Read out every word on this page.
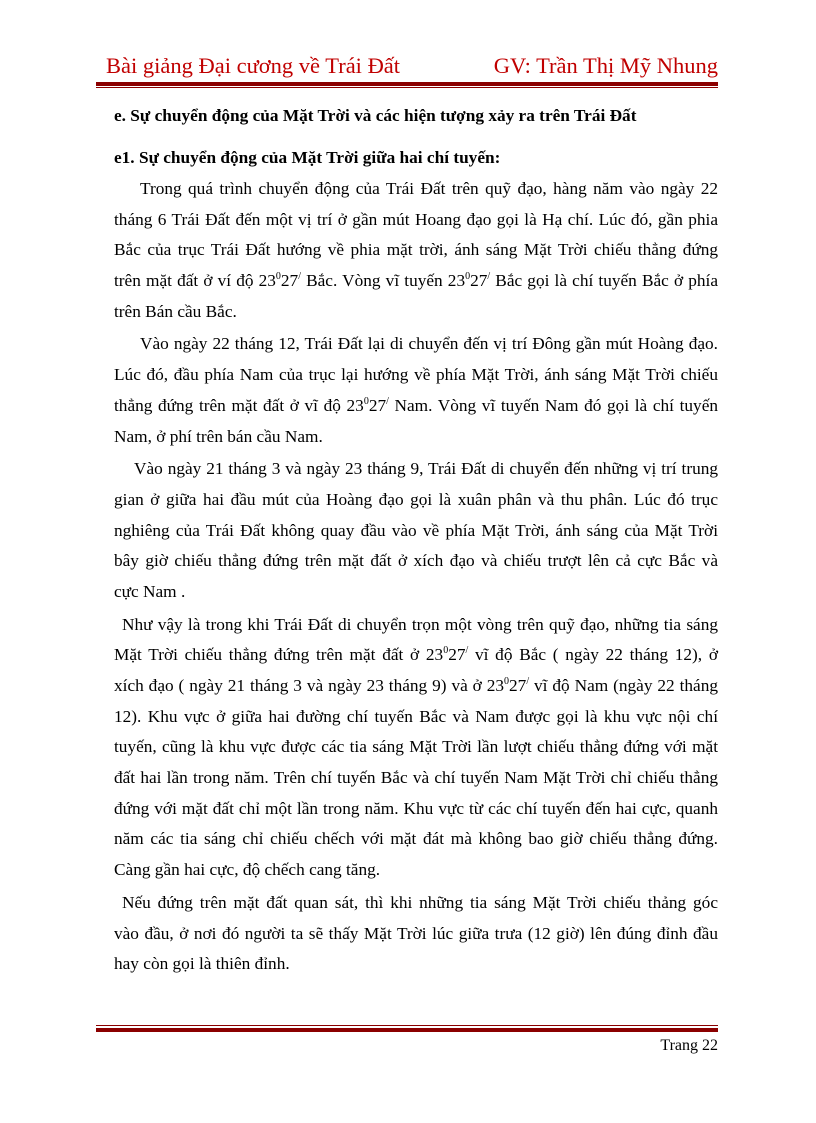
Bài giảng Đại cương về Trái Đất	GV: Trần Thị Mỹ Nhung

e. Sự chuyển động của Mặt Trời và các hiện tượng xảy ra trên Trái Đất

e1. Sự chuyển động của Mặt Trời giữa hai chí tuyến:

Trong quá trình chuyển động của Trái Đất trên quỹ đạo, hàng năm vào ngày 22
tháng 6 Trái Đất đến một vị trí ở gần mút Hoang đạo gọi là Hạ chí. Lúc đó, gần phia
Bắc của trục Trái Đất hướng về phia mặt trời, ánh sáng Mặt Trời chiếu thẳng đứng
trên mặt đất ở ví độ $23^027^/$ Bắc. Vòng vĩ tuyến $23^027^/$ Bắc gọi là chí tuyến Bắc ở phía
trên Bán cầu Bắc.
Vào ngày 22 tháng 12, Trái Đất lại di chuyển đến vị trí Đông gần mút Hoàng đạo.
Lúc đó, đầu phía Nam của trục lại hướng về phía Mặt Trời, ánh sáng Mặt Trời chiếu
thẳng đứng trên mặt đất ở vĩ độ $23^027^/$ Nam. Vòng vĩ tuyến Nam đó gọi là chí tuyến
Nam, ở phí trên bán cầu Nam.
Vào ngày 21 tháng 3 và ngày 23 tháng 9, Trái Đất di chuyển đến những vị trí trung
gian ở giữa hai đầu mút của Hoàng đạo gọi là xuân phân và thu phân. Lúc đó trục
nghiêng của Trái Đất không quay đầu vào về phía Mặt Trời, ánh sáng của Mặt Trời
bây giờ chiếu thẳng đứng trên mặt đất ở xích đạo và chiếu trượt lên cả cực Bắc và
cực Nam .
Như vậy là trong khi Trái Đất di chuyển trọn một vòng trên quỹ đạo, những tia sáng
Mặt Trời chiếu thẳng đứng trên mặt đất ở $23^027^/$ vĩ độ Bắc ( ngày 22 tháng 12), ở
xích đạo ( ngày 21 tháng 3 và ngày 23 tháng 9) và ở $23^027^/$ vĩ độ Nam (ngày 22 tháng
12). Khu vực ở giữa hai đường chí tuyến Bắc và Nam được gọi là khu vực nội chí
tuyến, cũng là khu vực được các tia sáng Mặt Trời lần lượt chiếu thẳng đứng với mặt
đất hai lần trong năm. Trên chí tuyến Bắc và chí tuyến Nam Mặt Trời chỉ chiếu thẳng
đứng với mặt đất chỉ một lần trong năm. Khu vực từ các chí tuyến đến hai cực, quanh
năm các tia sáng chỉ chiếu chếch với mặt đát mà không bao giờ chiếu thẳng đứng.
Càng gần hai cực, độ chếch cang tăng.
Nếu đứng trên mặt đất quan sát, thì khi những tia sáng Mặt Trời chiếu thảng góc
vào đầu, ở nơi đó người ta sẽ thấy Mặt Trời lúc giữa trưa (12 giờ) lên đúng đỉnh đầu
hay còn gọi là thiên đỉnh.
Trang 22
